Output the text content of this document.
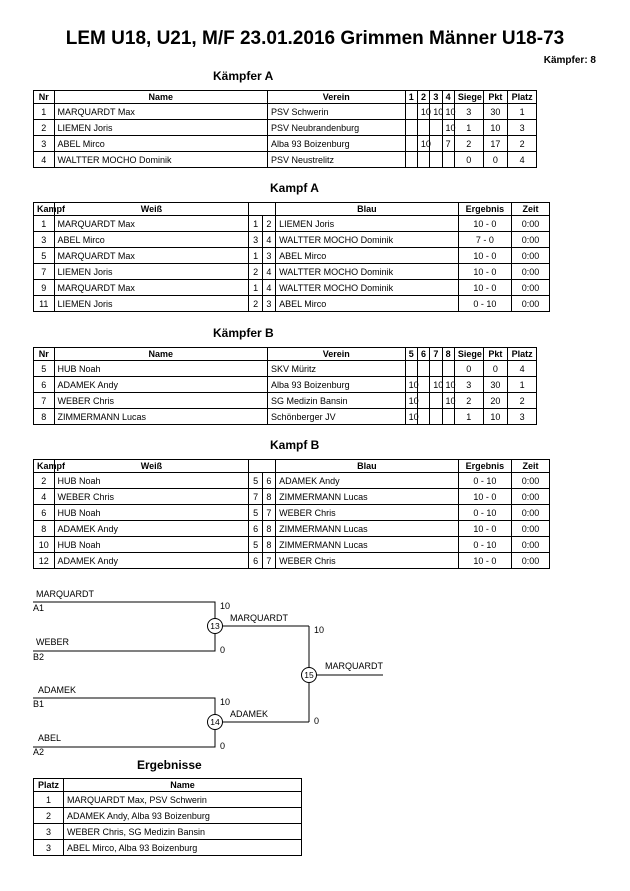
LEM U18, U21, M/F 23.01.2016 Grimmen Männer U18-73
Kämpfer: 8
Kämpfer A
Nr	Name	Verein	1	2	3	4	Siege	Pkt	Platz
1	MARQUARDT Max	PSV Schwerin		10	10	10	3	30	1
2	LIEMEN Joris	PSV Neubrandenburg				10	1	10	3
3	ABEL Mirco	Alba 93 Boizenburg		10		7	2	17	2
4	WALTTER MOCHO Dominik	PSV Neustrelitz					0	0	4
Kampf A
Kampf	Weiß			Blau	Ergebnis	Zeit
1	MARQUARDT Max	1	2	LIEMEN Joris	10 - 0	0:00
3	ABEL Mirco	3	4	WALTTER MOCHO Dominik	7 - 0	0:00
5	MARQUARDT Max	1	3	ABEL Mirco	10 - 0	0:00
7	LIEMEN Joris	2	4	WALTTER MOCHO Dominik	10 - 0	0:00
9	MARQUARDT Max	1	4	WALTTER MOCHO Dominik	10 - 0	0:00
11	LIEMEN Joris	2	3	ABEL Mirco	0 - 10	0:00
Kämpfer B
Nr	Name	Verein	5	6	7	8	Siege	Pkt	Platz
5	HUB Noah	SKV Müritz					0	0	4
6	ADAMEK Andy	Alba 93 Boizenburg	10		10	10	3	30	1
7	WEBER Chris	SG Medizin Bansin	10			10	2	20	2
8	ZIMMERMANN Lucas	Schönberger JV	10				1	10	3
Kampf B
Kampf	Weiß			Blau	Ergebnis	Zeit
2	HUB Noah	5	6	ADAMEK Andy	0 - 10	0:00
4	WEBER Chris	7	8	ZIMMERMANN Lucas	10 - 0	0:00
6	HUB Noah	5	7	WEBER Chris	0 - 10	0:00
8	ADAMEK Andy	6	8	ZIMMERMANN Lucas	10 - 0	0:00
10	HUB Noah	5	8	ZIMMERMANN Lucas	0 - 10	0:00
12	ADAMEK Andy	6	7	WEBER Chris	10 - 0	0:00
MARQUARDT
A1	10
WEBER
B2
0
13
MARQUARDT
10
15
MARQUARDT
ADAMEK
B1	10
ABEL
A2
0
14
ADAMEK
0
Ergebnisse
Platz	Name
1	MARQUARDT Max, PSV Schwerin
2	ADAMEK Andy, Alba 93 Boizenburg
3	WEBER Chris, SG Medizin Bansin
3	ABEL Mirco, Alba 93 Boizenburg
